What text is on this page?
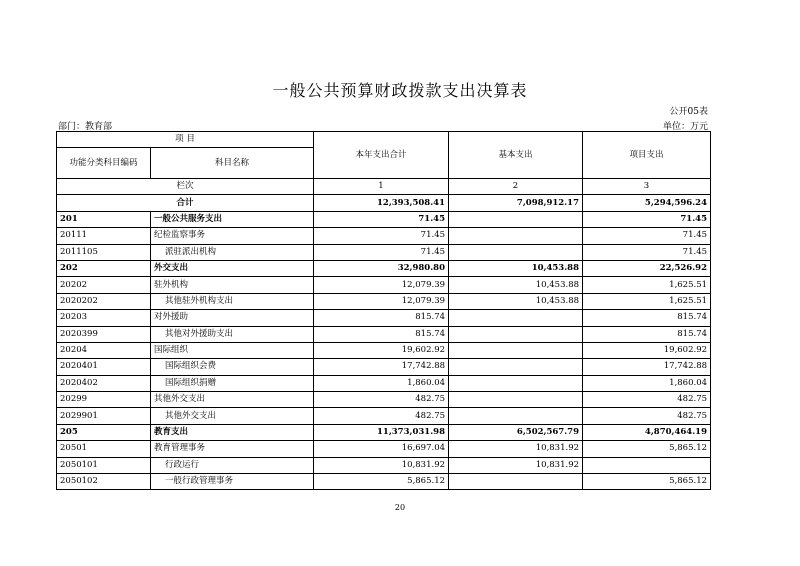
一般公共预算财政拨款支出决算表
公开05表
部门：教育部	单位：万元
项 目		本年支出合计	基本支出	项目支出
功能分类科目编码	科目名称			
栏次		1	2	3
合计		12,393,508.41	7,098,912.17	5,294,596.24
201	一般公共服务支出	71.45		71.45
20111	纪检监察事务	71.45		71.45
2011105	派驻派出机构	71.45		71.45
202	外交支出	32,980.80	10,453.88	22,526.92
20202	驻外机构	12,079.39	10,453.88	1,625.51
2020202	其他驻外机构支出	12,079.39	10,453.88	1,625.51
20203	对外援助	815.74		815.74
2020399	其他对外援助支出	815.74		815.74
20204	国际组织	19,602.92		19,602.92
2020401	国际组织会费	17,742.88		17,742.88
2020402	国际组织捐赠	1,860.04		1,860.04
20299	其他外交支出	482.75		482.75
2029901	其他外交支出	482.75		482.75
205	教育支出	11,373,031.98	6,502,567.79	4,870,464.19
20501	教育管理事务	16,697.04	10,831.92	5,865.12
2050101	行政运行	10,831.92	10,831.92	
2050102	一般行政管理事务	5,865.12		5,865.12
20
